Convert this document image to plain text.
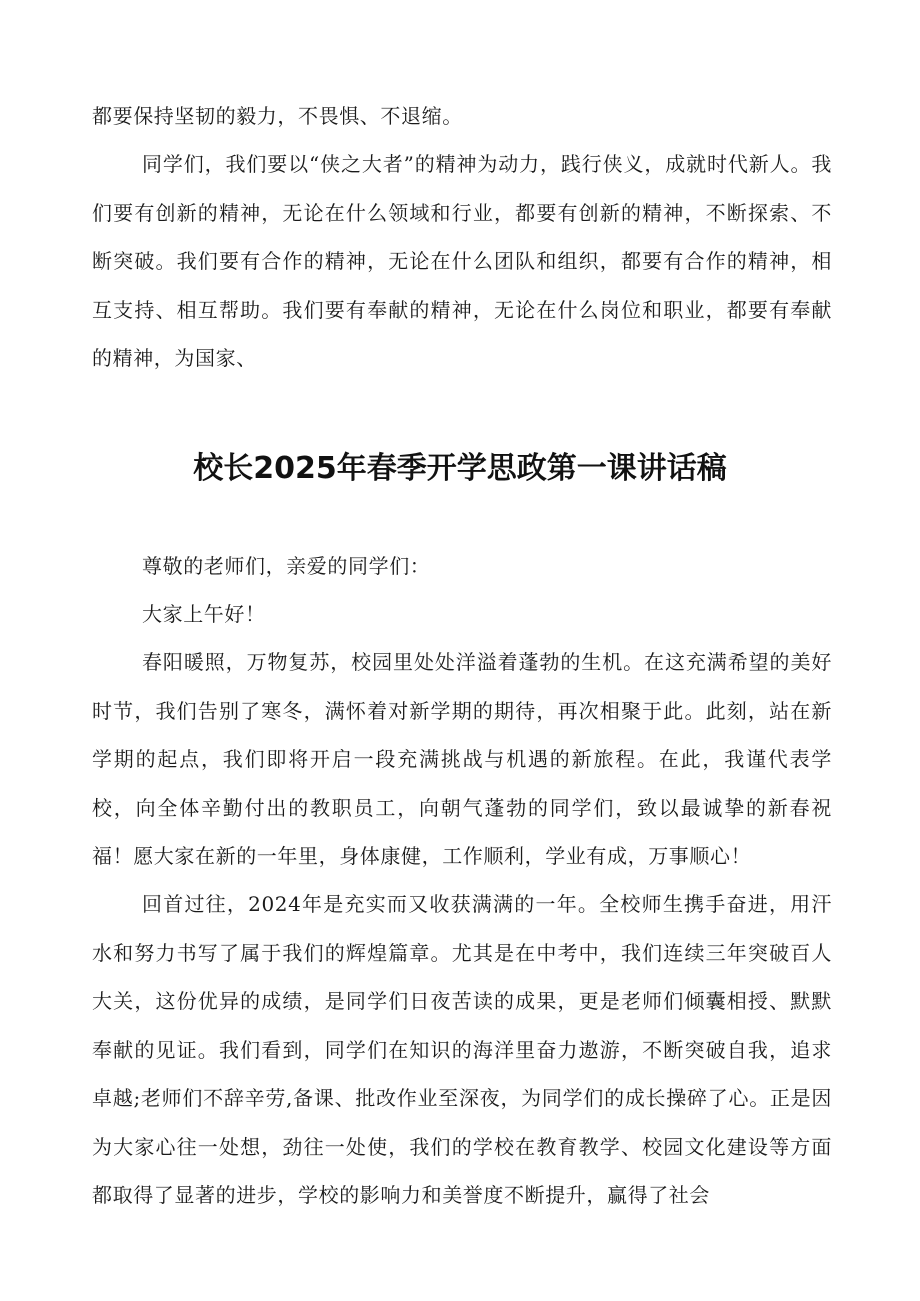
都要保持坚韧的毅力，不畏惧、不退缩。

同学们，我们要以“侠之大者”的精神为动力，践行侠义，成就时代新人。我们要有创新的精神，无论在什么领域和行业，都要有创新的精神，不断探索、不断突破。我们要有合作的精神，无论在什么团队和组织，都要有合作的精神，相互支持、相互帮助。我们要有奉献的精神，无论在什么岗位和职业，都要有奉献的精神，为国家、

校长2025年春季开学思政第一课讲话稿

尊敬的老师们，亲爱的同学们：

大家上午好！

春阳暖照，万物复苏，校园里处处洋溢着蓬勃的生机。在这充满希望的美好时节，我们告别了寒冬，满怀着对新学期的期待，再次相聚于此。此刻，站在新学期的起点，我们即将开启一段充满挑战与机遇的新旅程。在此，我谨代表学校，向全体辛勤付出的教职员工，向朝气蓬勃的同学们，致以最诚挚的新春祝福！愿大家在新的一年里，身体康健，工作顺利，学业有成，万事顺心！

回首过往，2024年是充实而又收获满满的一年。全校师生携手奋进，用汗水和努力书写了属于我们的辉煌篇章。尤其是在中考中，我们连续三年突破百人大关，这份优异的成绩，是同学们日夜苦读的成果，更是老师们倾囊相授、默默奉献的见证。我们看到，同学们在知识的海洋里奋力遨游，不断突破自我，追求卓越;老师们不辞辛劳,备课、批改作业至深夜，为同学们的成长操碎了心。正是因为大家心往一处想，劲往一处使，我们的学校在教育教学、校园文化建设等方面都取得了显著的进步，学校的影响力和美誉度不断提升，赢得了社会
